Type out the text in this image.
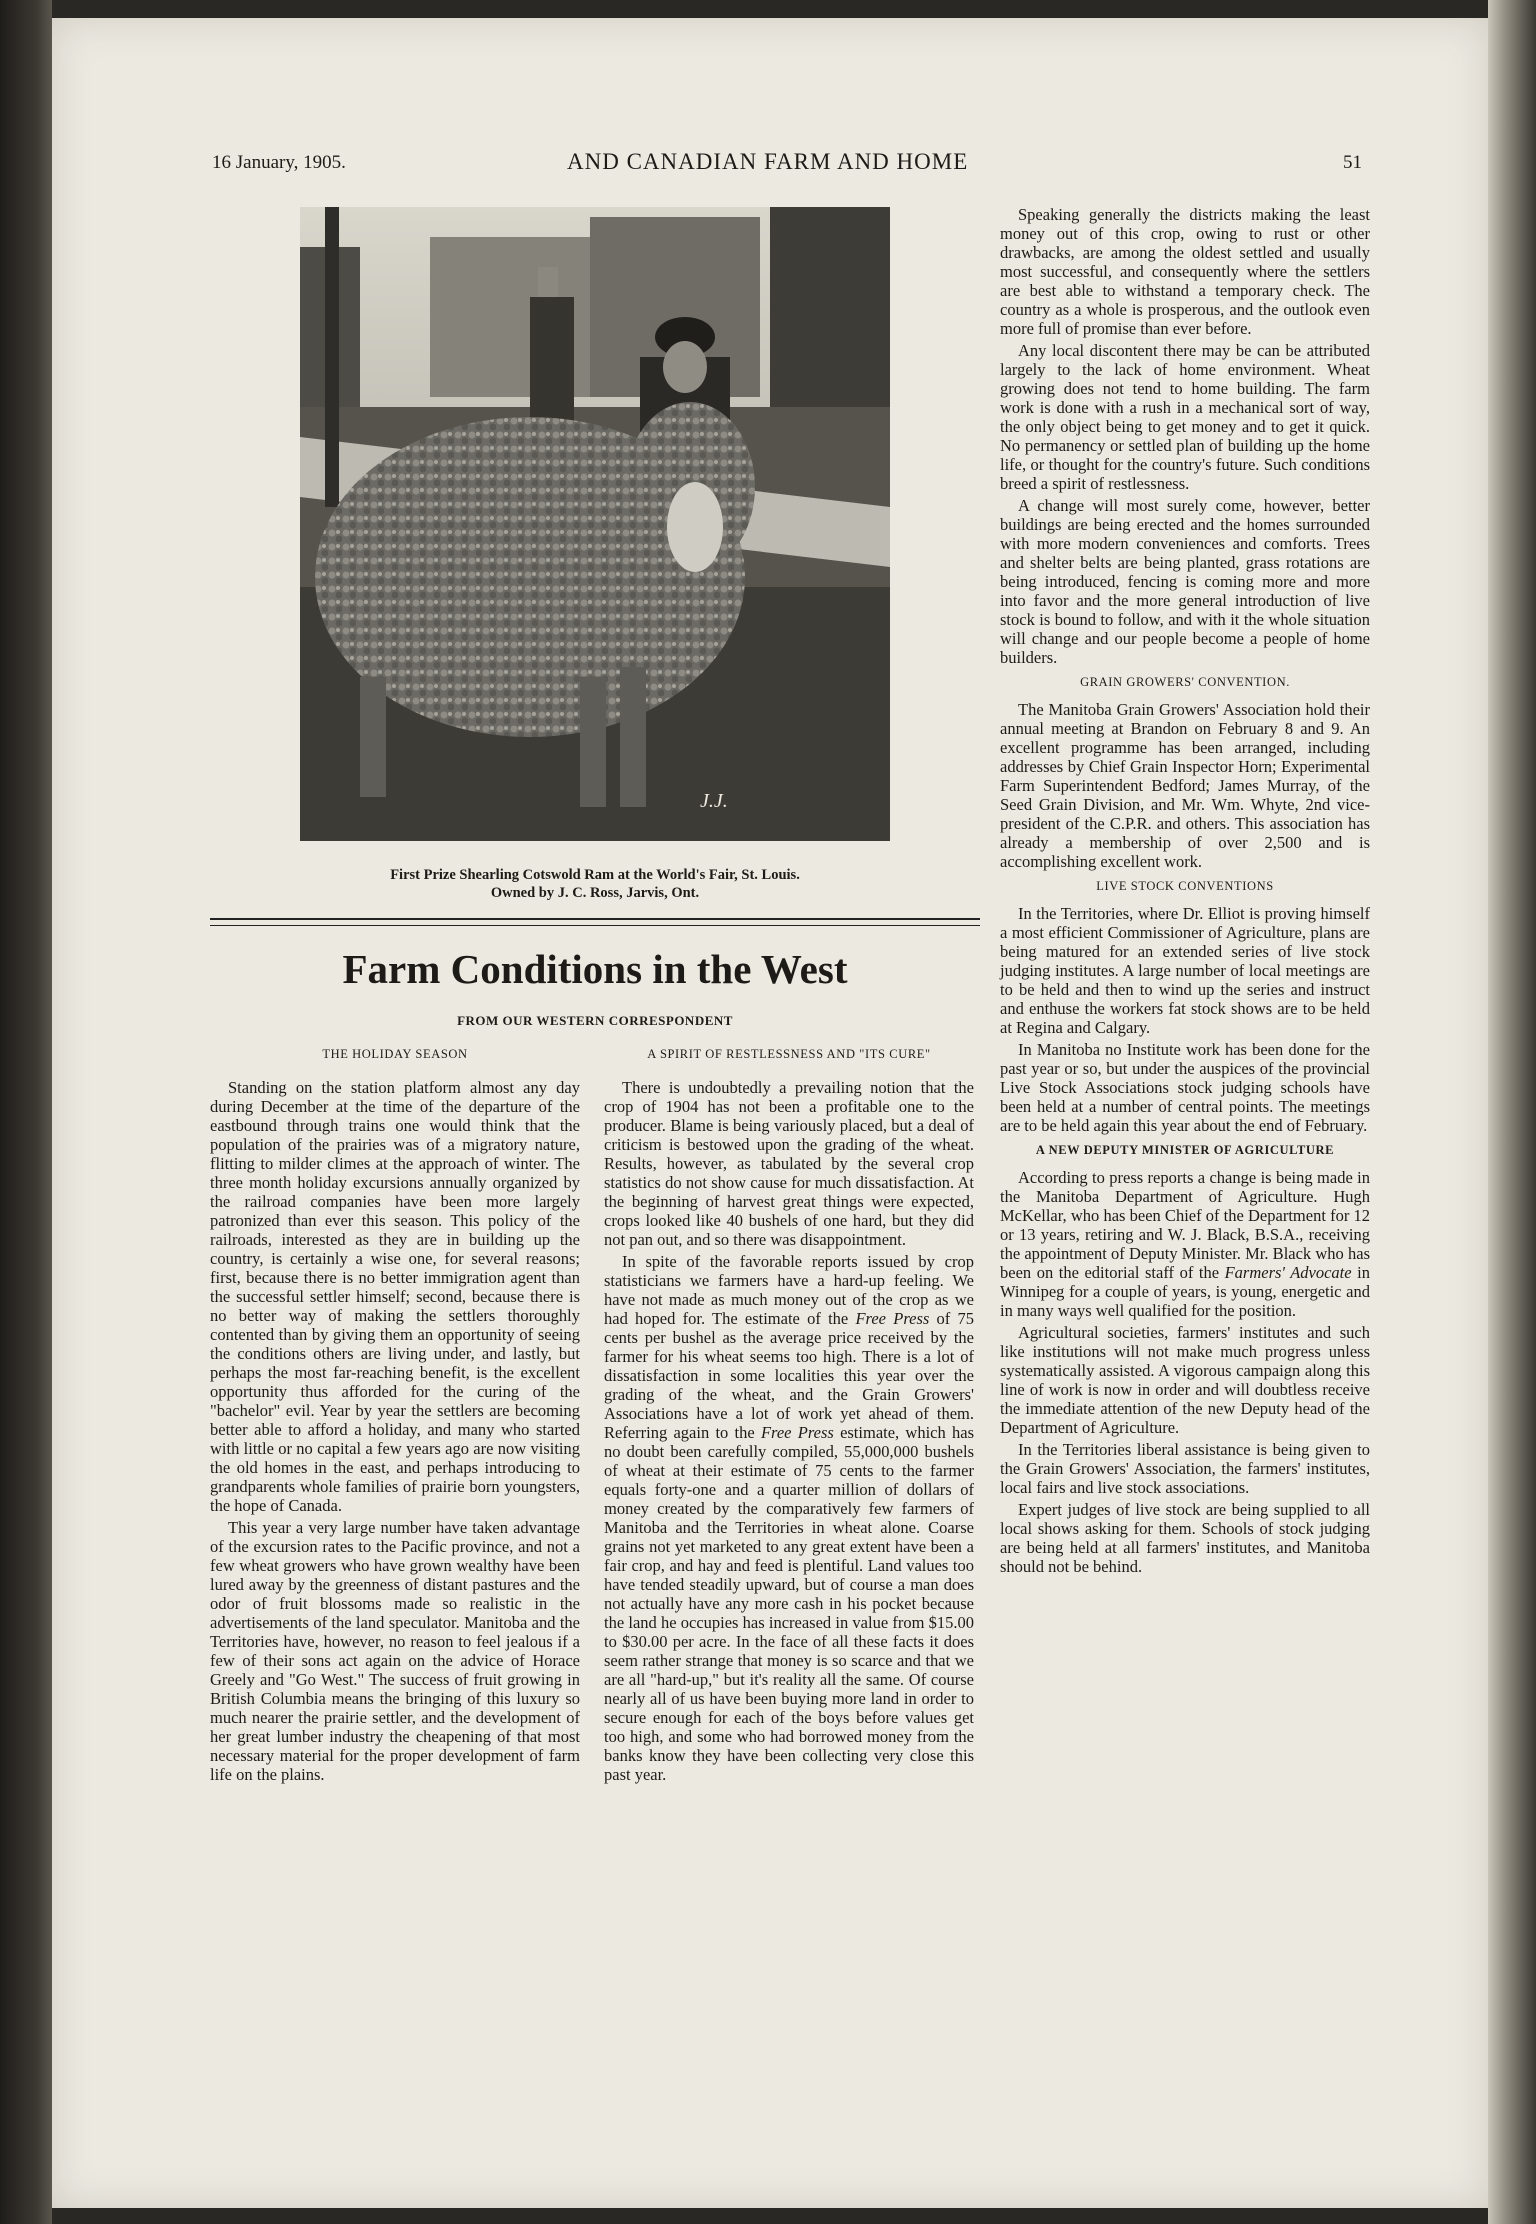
16 January, 1905.	AND CANADIAN FARM AND HOME	51
J.J.
First Prize Shearling Cotswold Ram at the World's Fair, St. Louis.
Owned by J. C. Ross, Jarvis, Ont.
Farm Conditions in the West
FROM OUR WESTERN CORRESPONDENT
THE HOLIDAY SEASON

Standing on the station platform almost any day during December at the time of the departure of the eastbound through trains one would think that the population of the prairies was of a migratory nature, flitting to milder climes at the approach of winter. The three month holiday excursions annually organized by the railroad companies have been more largely patronized than ever this season. This policy of the railroads, interested as they are in building up the country, is certainly a wise one, for several reasons; first, because there is no better immigration agent than the successful settler himself; second, because there is no better way of making the settlers thoroughly contented than by giving them an opportunity of seeing the conditions others are living under, and lastly, but perhaps the most far-reaching benefit, is the excellent opportunity thus afforded for the curing of the "bachelor" evil. Year by year the settlers are becoming better able to afford a holiday, and many who started with little or no capital a few years ago are now visiting the old homes in the east, and perhaps introducing to grandparents whole families of prairie born youngsters, the hope of Canada.

This year a very large number have taken advantage of the excursion rates to the Pacific province, and not a few wheat growers who have grown wealthy have been lured away by the greenness of distant pastures and the odor of fruit blossoms made so realistic in the advertisements of the land speculator. Manitoba and the Territories have, however, no reason to feel jealous if a few of their sons act again on the advice of Horace Greely and "Go West." The success of fruit growing in British Columbia means the bringing of this luxury so much nearer the prairie settler, and the development of her great lumber industry the cheapening of that most necessary material for the proper development of farm life on the plains.

A SPIRIT OF RESTLESSNESS AND "ITS CURE"

There is undoubtedly a prevailing notion that the crop of 1904 has not been a profitable one to the producer. Blame is being variously placed, but a deal of criticism is bestowed upon the grading of the wheat. Results, however, as tabulated by the several crop statistics do not show cause for much dissatisfaction. At the beginning of harvest great things were expected, crops looked like 40 bushels of one hard, but they did not pan out, and so there was disappointment.

In spite of the favorable reports issued by crop statisticians we farmers have a hard-up feeling. We have not made as much money out of the crop as we had hoped for. The estimate of the Free Press of 75 cents per bushel as the average price received by the farmer for his wheat seems too high. There is a lot of dissatisfaction in some localities this year over the grading of the wheat, and the Grain Growers' Associations have a lot of work yet ahead of them. Referring again to the Free Press estimate, which has no doubt been carefully compiled, 55,000,000 bushels of wheat at their estimate of 75 cents to the farmer equals forty-one and a quarter million of dollars of money created by the comparatively few farmers of Manitoba and the Territories in wheat alone. Coarse grains not yet marketed to any great extent have been a fair crop, and hay and feed is plentiful. Land values too have tended steadily upward, but of course a man does not actually have any more cash in his pocket because the land he occupies has increased in value from $15.00 to $30.00 per acre. In the face of all these facts it does seem rather strange that money is so scarce and that we are all "hard-up," but it's reality all the same. Of course nearly all of us have been buying more land in order to secure enough for each of the boys before values get too high, and some who had borrowed money from the banks know they have been collecting very close this past year.

Speaking generally the districts making the least money out of this crop, owing to rust or other drawbacks, are among the oldest settled and usually most successful, and consequently where the settlers are best able to withstand a temporary check. The country as a whole is prosperous, and the outlook even more full of promise than ever before.

Any local discontent there may be can be attributed largely to the lack of home environment. Wheat growing does not tend to home building. The farm work is done with a rush in a mechanical sort of way, the only object being to get money and to get it quick. No permanency or settled plan of building up the home life, or thought for the country's future. Such conditions breed a spirit of restlessness.

A change will most surely come, however, better buildings are being erected and the homes surrounded with more modern conveniences and comforts. Trees and shelter belts are being planted, grass rotations are being introduced, fencing is coming more and more into favor and the more general introduction of live stock is bound to follow, and with it the whole situation will change and our people become a people of home builders.

GRAIN GROWERS' CONVENTION.

The Manitoba Grain Growers' Association hold their annual meeting at Brandon on February 8 and 9. An excellent programme has been arranged, including addresses by Chief Grain Inspector Horn; Experimental Farm Superintendent Bedford; James Murray, of the Seed Grain Division, and Mr. Wm. Whyte, 2nd vice-president of the C.P.R. and others. This association has already a membership of over 2,500 and is accomplishing excellent work.

LIVE STOCK CONVENTIONS

In the Territories, where Dr. Elliot is proving himself a most efficient Commissioner of Agriculture, plans are being matured for an extended series of live stock judging institutes. A large number of local meetings are to be held and then to wind up the series and instruct and enthuse the workers fat stock shows are to be held at Regina and Calgary.

In Manitoba no Institute work has been done for the past year or so, but under the auspices of the provincial Live Stock Associations stock judging schools have been held at a number of central points. The meetings are to be held again this year about the end of February.

A NEW DEPUTY MINISTER OF AGRICULTURE

According to press reports a change is being made in the Manitoba Department of Agriculture. Hugh McKellar, who has been Chief of the Department for 12 or 13 years, retiring and W. J. Black, B.S.A., receiving the appointment of Deputy Minister. Mr. Black who has been on the editorial staff of the Farmers' Advocate in Winnipeg for a couple of years, is young, energetic and in many ways well qualified for the position.

Agricultural societies, farmers' institutes and such like institutions will not make much progress unless systematically assisted. A vigorous campaign along this line of work is now in order and will doubtless receive the immediate attention of the new Deputy head of the Department of Agriculture.

In the Territories liberal assistance is being given to the Grain Growers' Association, the farmers' institutes, local fairs and live stock associations.

Expert judges of live stock are being supplied to all local shows asking for them. Schools of stock judging are being held at all farmers' institutes, and Manitoba should not be behind.
